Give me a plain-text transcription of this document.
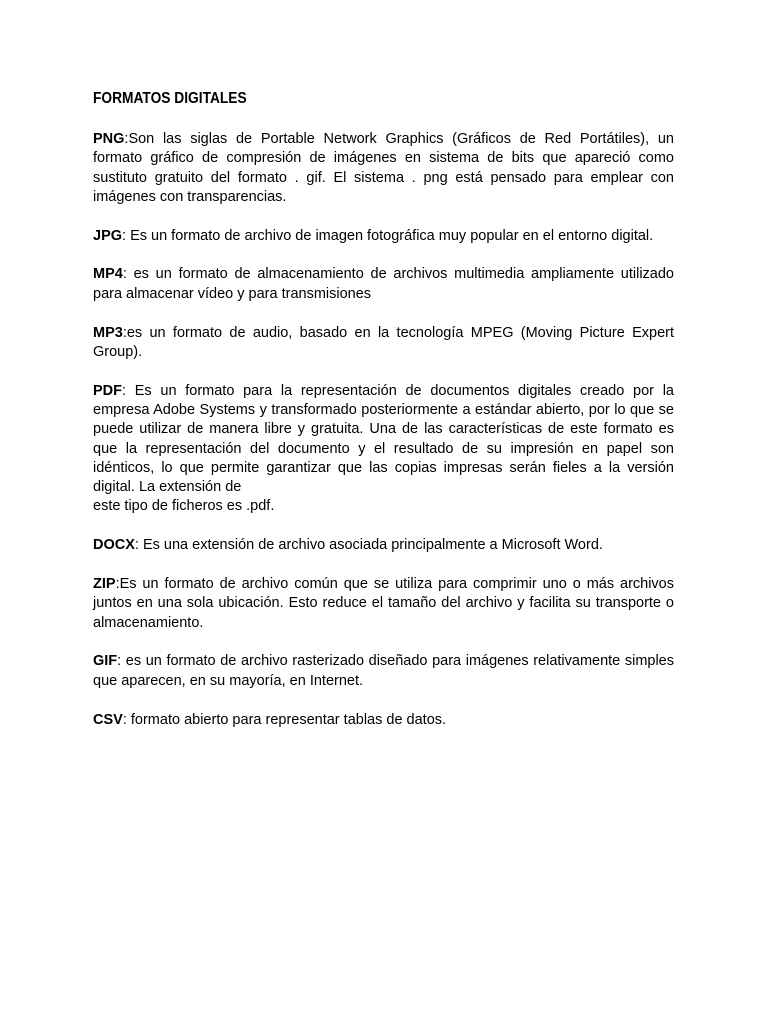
FORMATOS DIGITALES

PNG:Son las siglas de Portable Network Graphics (Gráficos de Red Portátiles), un formato gráfico de compresión de imágenes en sistema de bits que apareció como sustituto gratuito del formato . gif. El sistema . png está pensado para emplear con imágenes con transparencias.

JPG: Es un formato de archivo de imagen fotográfica muy popular en el entorno digital.

MP4: es un formato de almacenamiento de archivos multimedia ampliamente utilizado para almacenar vídeo y para transmisiones

MP3:es un formato de audio, basado en la tecnología MPEG (Moving Picture Expert Group).

PDF: Es un formato para la representación de documentos digitales creado por la empresa Adobe Systems y transformado posteriormente a estándar abierto, por lo que se puede utilizar de manera libre y gratuita. Una de las características de este formato es que la representación del documento y el resultado de su impresión en papel son idénticos, lo que permite garantizar que las copias impresas serán fieles a la versión digital. La extensión de
este tipo de ficheros es .pdf.

DOCX: Es una extensión de archivo asociada principalmente a Microsoft Word.

ZIP:Es un formato de archivo común que se utiliza para comprimir uno o más archivos juntos en una sola ubicación. Esto reduce el tamaño del archivo y facilita su transporte o almacenamiento.

GIF: es un formato de archivo rasterizado diseñado para imágenes relativamente simples que aparecen, en su mayoría, en Internet.

CSV: formato abierto para representar tablas de datos.
